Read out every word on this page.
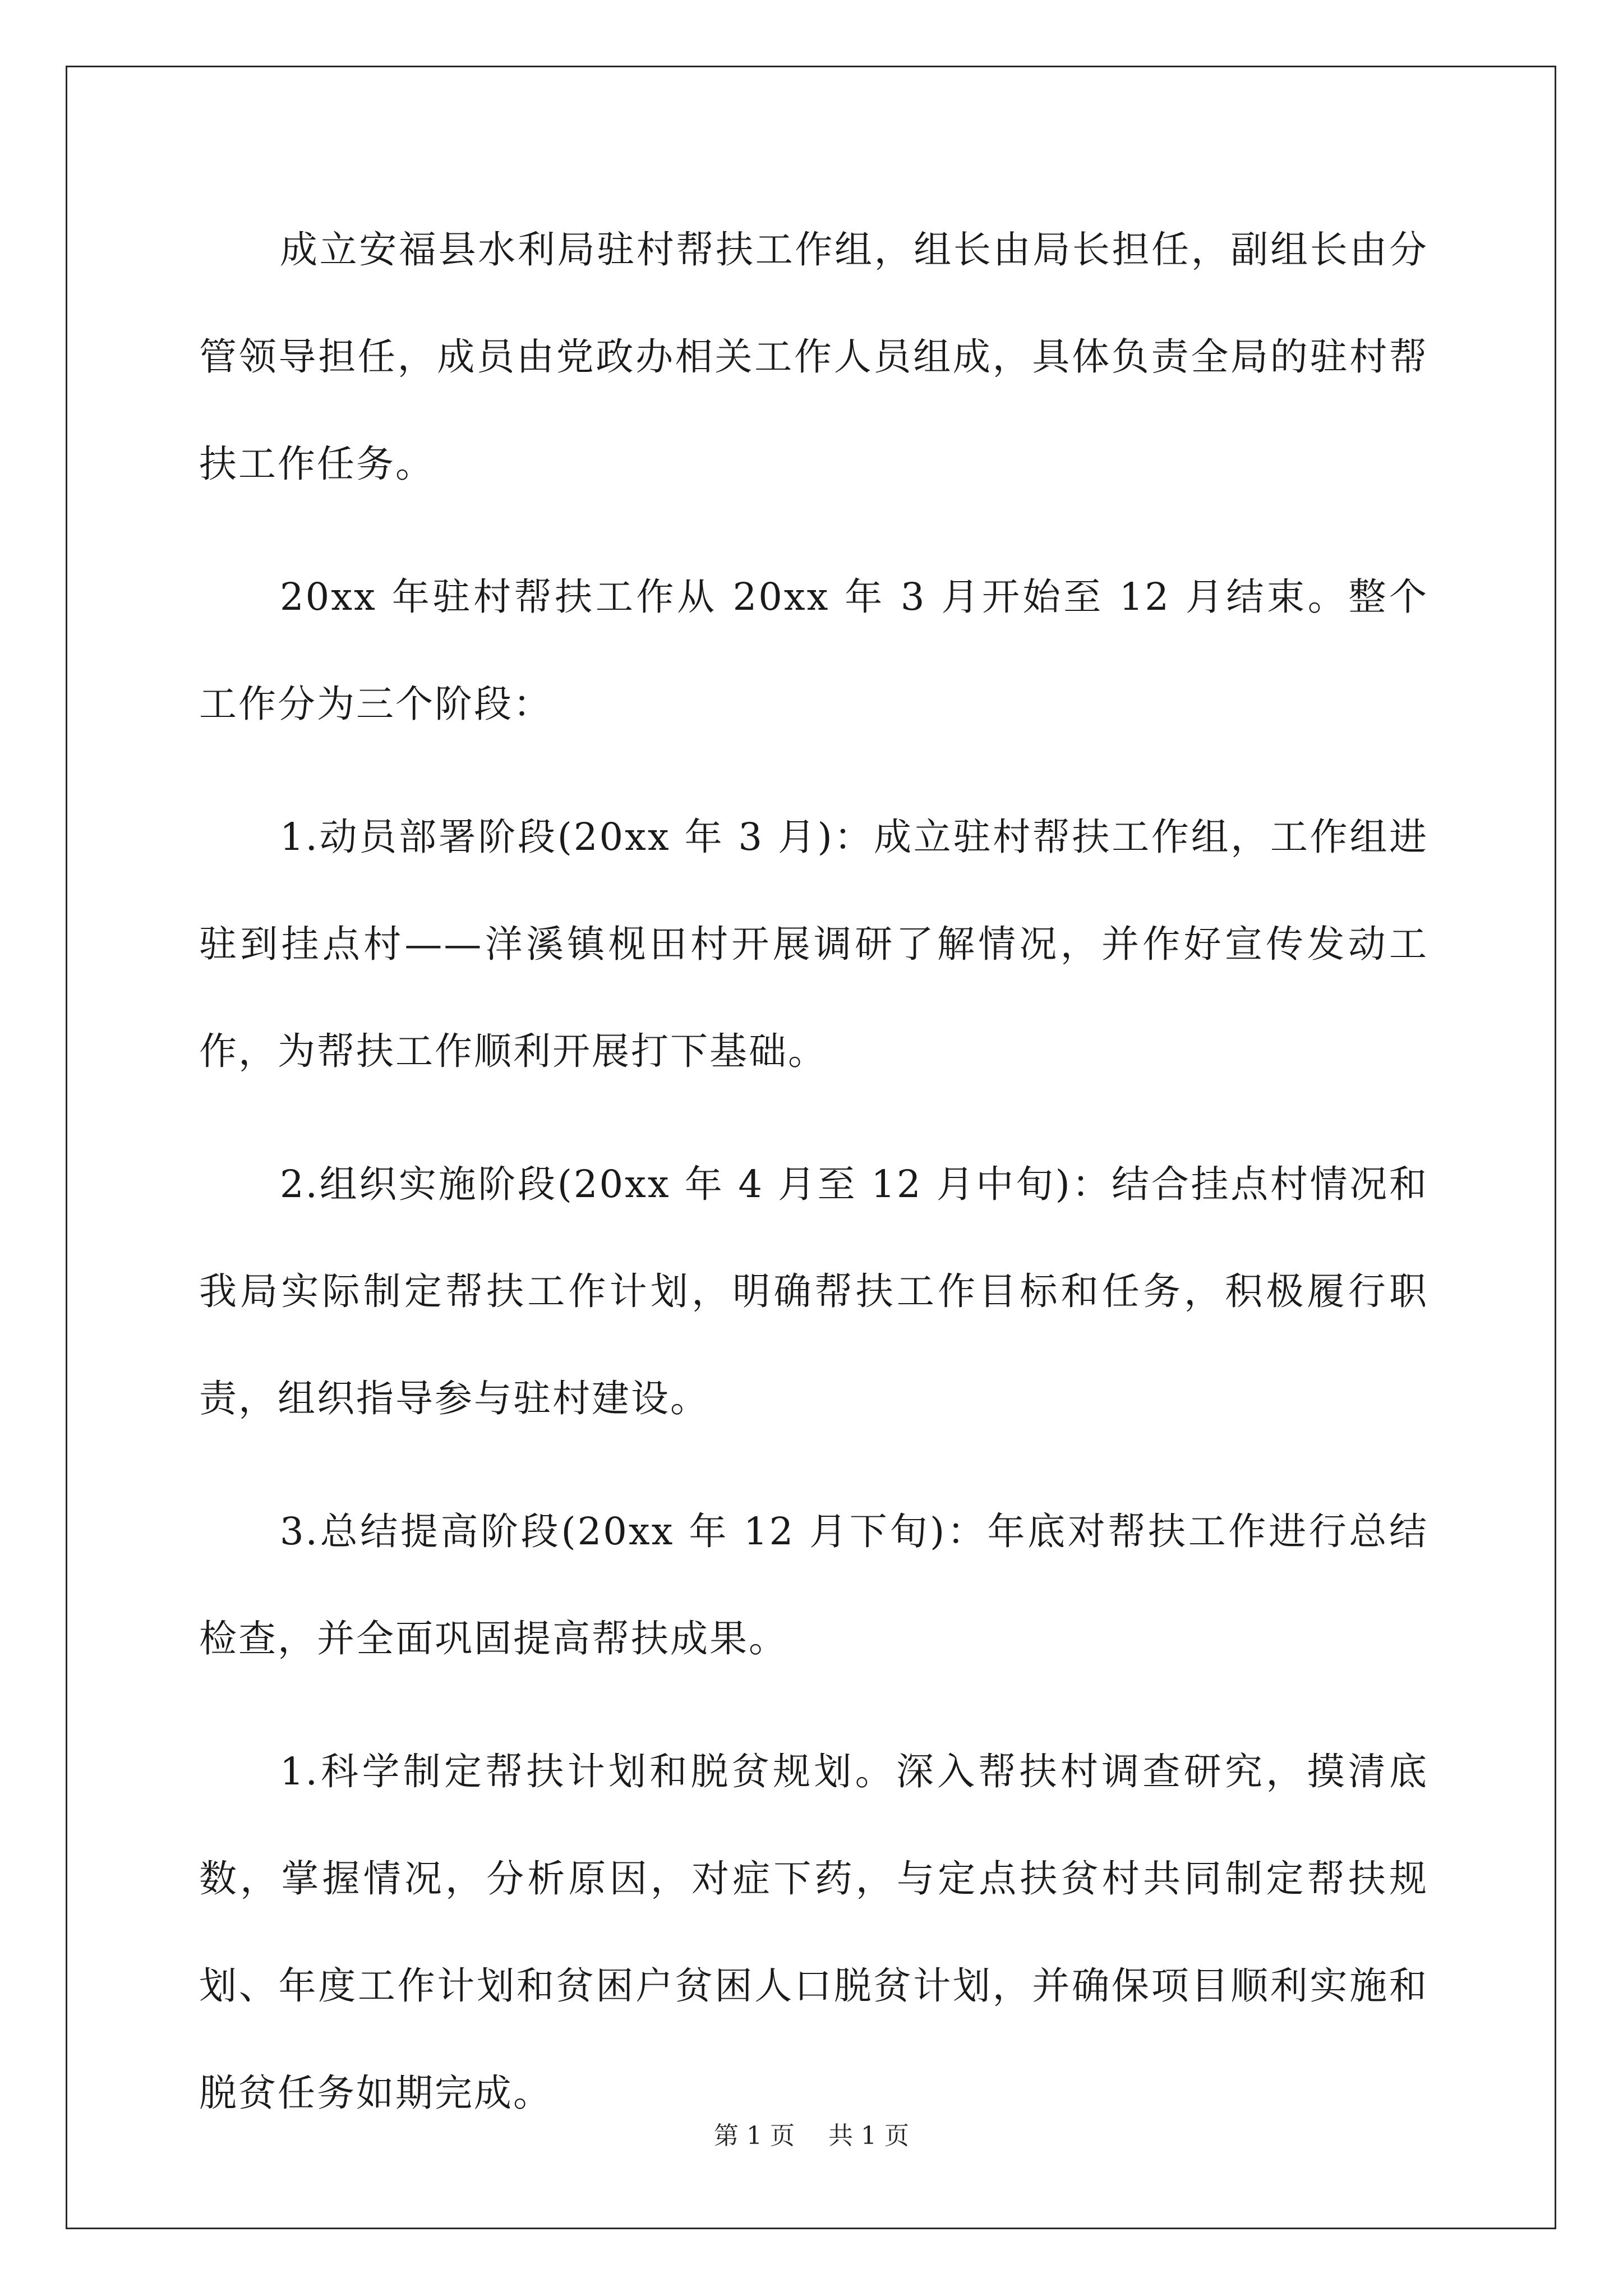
成立安福县水利局驻村帮扶工作组，组长由局长担任，副组长由分管领导担任，成员由党政办相关工作人员组成，具体负责全局的驻村帮扶工作任务。

20xx 年驻村帮扶工作从 20xx 年 3 月开始至 12 月结束。整个工作分为三个阶段：

1.动员部署阶段(20xx 年 3 月)：成立驻村帮扶工作组，工作组进驻到挂点村——洋溪镇枧田村开展调研了解情况，并作好宣传发动工作，为帮扶工作顺利开展打下基础。

2.组织实施阶段(20xx 年 4 月至 12 月中旬)：结合挂点村情况和我局实际制定帮扶工作计划，明确帮扶工作目标和任务，积极履行职责，组织指导参与驻村建设。

3.总结提高阶段(20xx 年 12 月下旬)：年底对帮扶工作进行总结检查，并全面巩固提高帮扶成果。

1.科学制定帮扶计划和脱贫规划。深入帮扶村调查研究，摸清底数，掌握情况，分析原因，对症下药，与定点扶贫村共同制定帮扶规划、年度工作计划和贫困户贫困人口脱贫计划，并确保项目顺利实施和脱贫任务如期完成。

第 1 页 共 1 页
